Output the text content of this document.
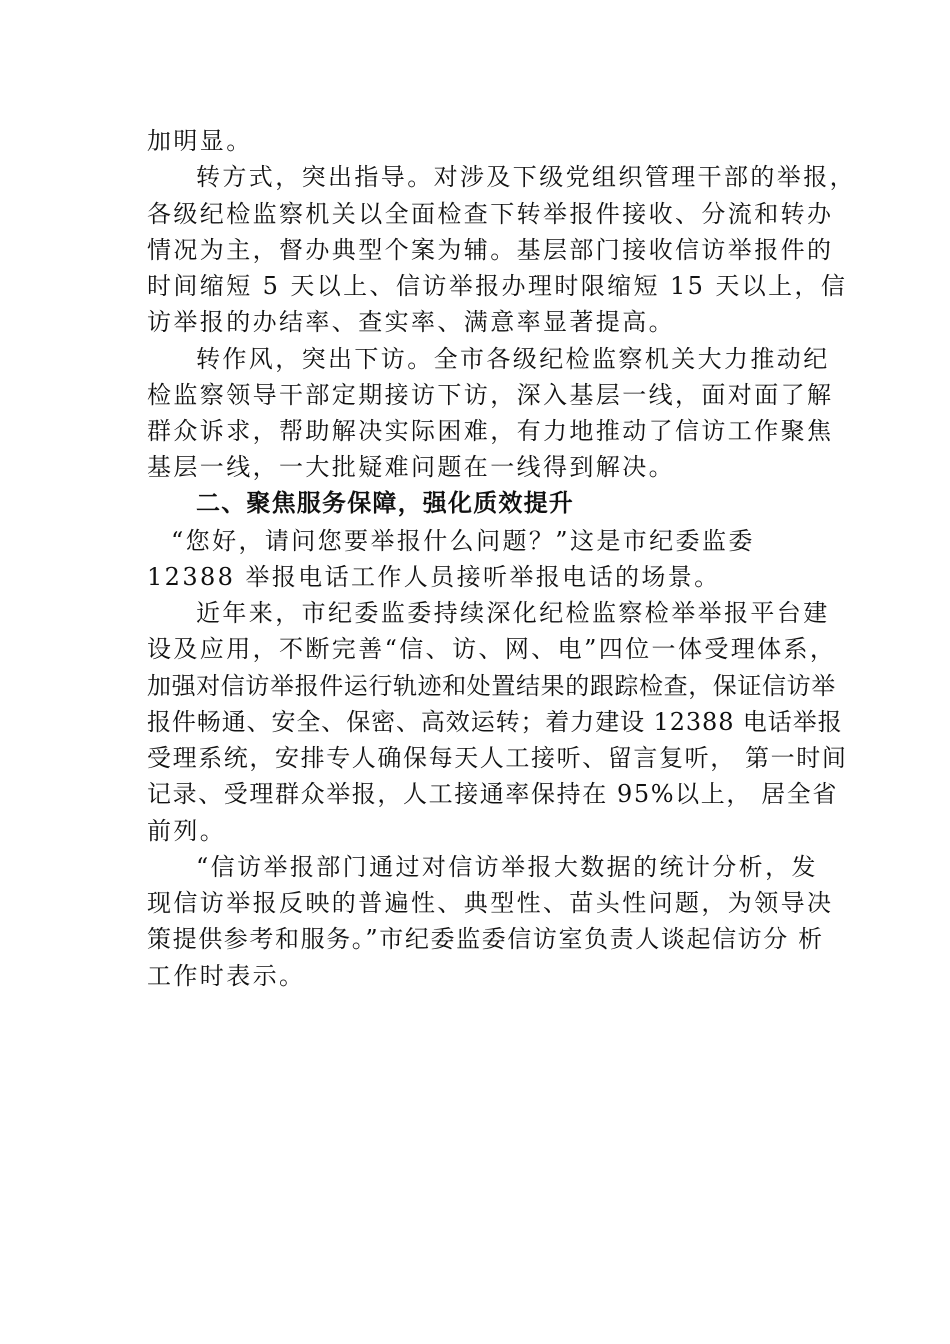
加明显。
转方式，突出指导。对涉及下级党组织管理干部的举报，
各级纪检监察机关以全面检查下转举报件接收、分流和转办
情况为主，督办典型个案为辅。基层部门接收信访举报件的
时间缩短 5 天以上、信访举报办理时限缩短 15 天以上，信
访举报的办结率、查实率、满意率显著提高。
转作风，突出下访。全市各级纪检监察机关大力推动纪
检监察领导干部定期接访下访，深入基层一线，面对面了解
群众诉求，帮助解决实际困难，有力地推动了信访工作聚焦
基层一线，一大批疑难问题在一线得到解决。
二、聚焦服务保障，强化质效提升
“您好，请问您要举报什么问题？”这是市纪委监委
12388 举报电话工作人员接听举报电话的场景。
近年来，市纪委监委持续深化纪检监察检举举报平台建
设及应用，不断完善“信、访、网、电”四位一体受理体系，
加强对信访举报件运行轨迹和处置结果的跟踪检查，保证信访举
报件畅通、安全、保密、高效运转；着力建设 12388 电话举报
受理系统，安排专人确保每天人工接听、留言复听， 第一时间
记录、受理群众举报，人工接通率保持在 95%以上， 居全省
前列。
“信访举报部门通过对信访举报大数据的统计分析，发
现信访举报反映的普遍性、典型性、苗头性问题，为领导决
策提供参考和服务。”市纪委监委信访室负责人谈起信访分 析
工作时表示。
